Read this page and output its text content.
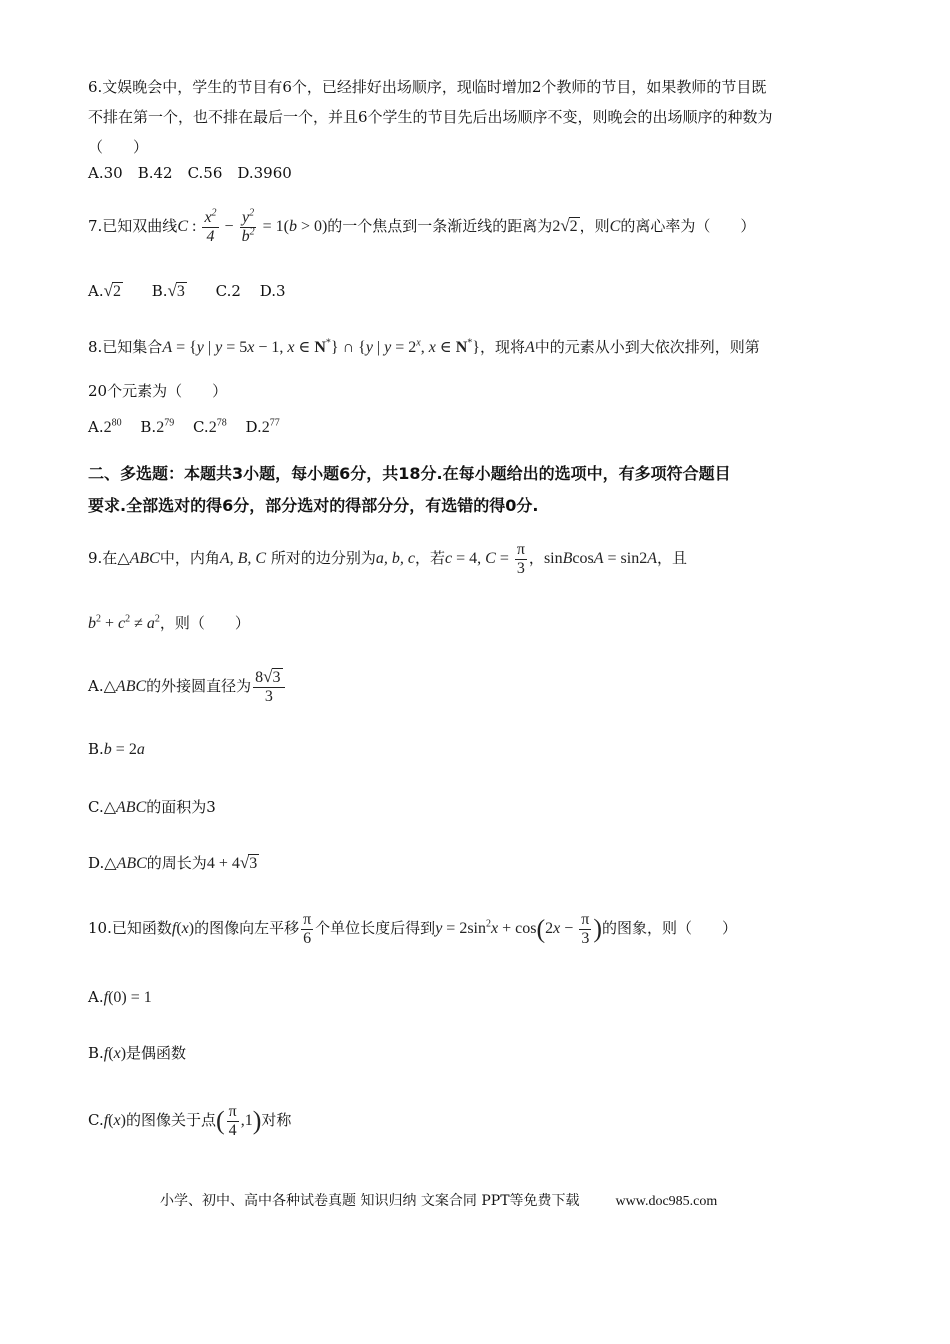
6.文娱晚会中，学生的节目有6个，已经排好出场顺序，现临时增加2个教师的节目，如果教师的节目既
不排在第一个，也不排在最后一个，并且6个学生的节目先后出场顺序不变，则晚会的出场顺序的种数为
（　　）
A.30　B.42　C.56　D.3960
7.已知双曲线C : $\frac{x^2}{4} - \frac{y^2}{b^2} = 1(b > 0)$的一个焦点到一条渐近线的距离为2√2 ，则C的离心率为（　　）
A.√2 B.√3 C.2 D.3
8.已知集合A = {y | y = 5x − 1, x ∈ N*} ∩ {y | $y = 2^x$, x ∈ N*}，现将A中的元素从小到大依次排列，则第
20个元素为（　　）
$A.2^{80}$ $B.2^{79}$ $C.2^{78}$ $D.2^{77}$
二、多选题：本题共3小题，每小题6分，共18分.在每小题给出的选项中，有多项符合题目
要求.全部选对的得6分，部分选对的得部分分，有选错的得0分.
9.在△ABC中，内角A, B, C 所对的边分别为a, b, c，若c = 4, $C = \frac{\pi}{3}$ ，sinBcosA = sin2A，且
$b^2 + c^2 \ne a^2$，则（　　）
A.△ABC的外接圆直径为 $\frac{8√3}{3}$
B.b = 2a
C.△ABC的面积为3
D.△ABC的周长为4 + 4√3
10.已知函数f(x)的图像向左平移 $\frac{\pi}{6}$ 个单位长度后得到$y = 2\sin^2x + \cos(2x - \frac{\pi}{3}$ )的图象，则（　　）
A.f(0) = 1
B.f(x)是偶函数
C.f(x)的图像关于点( $\frac{\pi}{4} ,1$)对称
小学、初中、高中各种试卷真题 知识归纳 文案合同 PPT等免费下载	www.doc985.com
